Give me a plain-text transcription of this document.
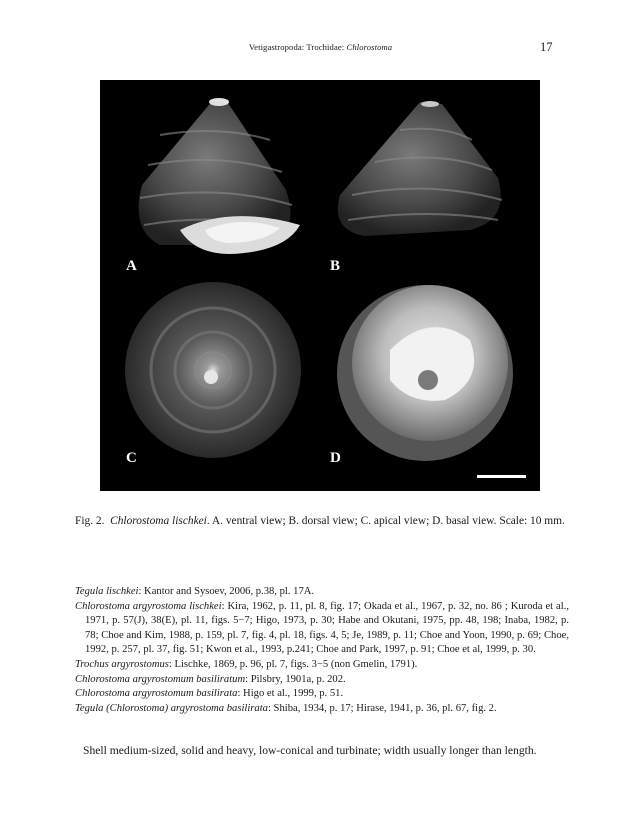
Vetigastropoda: Trochidae: Chlorostoma	17
A	B
C	D
Fig. 2. Chlorostoma lischkei. A. ventral view; B. dorsal view; C. apical view; D. basal view. Scale: 10 mm.
Tegula lischkei: Kantor and Sysoev, 2006, p.38, pl. 17A.
Chlorostoma argyrostoma lischkei: Kira, 1962, p. 11, pl. 8, fig. 17; Okada et al., 1967, p. 32, no. 86 ; Kuroda et al., 1971, p. 57(J), 38(E), pl. 11, figs. 5−7; Higo, 1973, p. 30; Habe and Okutani, 1975, pp. 48, 198; Inaba, 1982, p. 78; Choe and Kim, 1988, p. 159, pl. 7, fig. 4, pl. 18, figs. 4, 5; Je, 1989, p. 11; Choe and Yoon, 1990, p. 69; Choe, 1992, p. 257, pl. 37, fig. 51; Kwon et al., 1993, p.241; Choe and Park, 1997, p. 91; Choe et al, 1999, p. 30.
Trochus argyrostomus: Lischke, 1869, p. 96, pl. 7, figs. 3−5 (non Gmelin, 1791).
Chlorostoma argyrostomum basiliratum: Pilsbry, 1901a, p. 202.
Chlorostoma argyrostomum basilirata: Higo et al., 1999, p. 51.
Tegula (Chlorostoma) argyrostoma basilirata: Shiba, 1934, p. 17; Hirase, 1941, p. 36, pl. 67, fig. 2.
Shell medium-sized, solid and heavy, low-conical and turbinate; width usually longer than length.
